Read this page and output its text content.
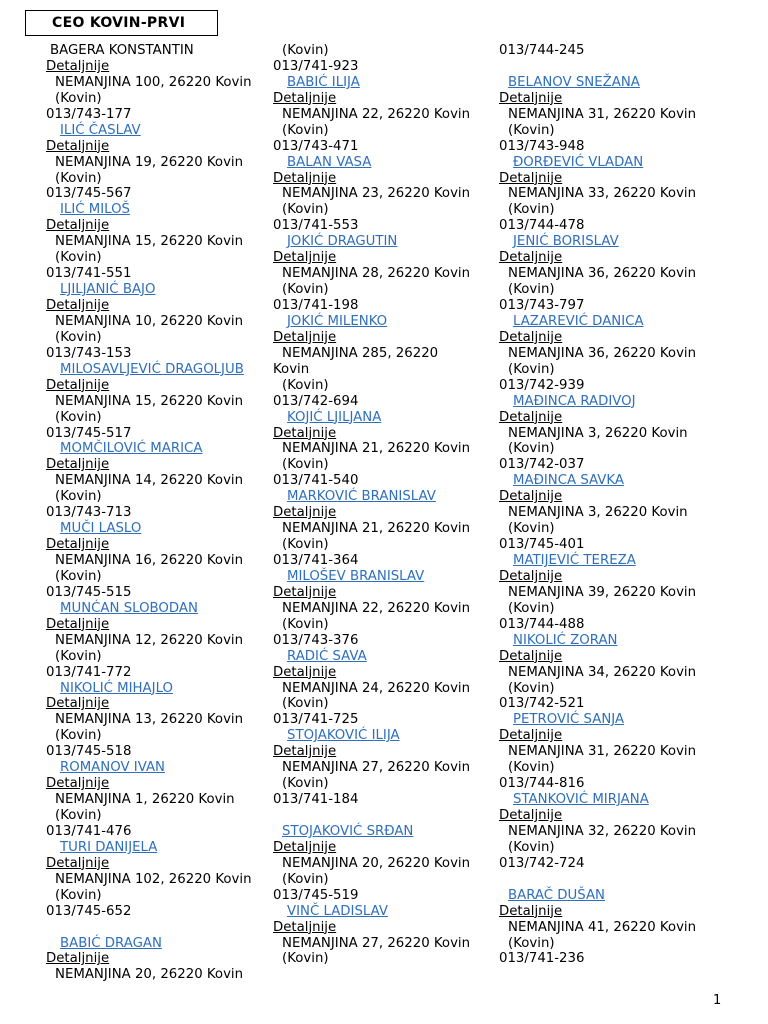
CEO KOVIN-PRVI
BAGERA KONSTANTIN
Detaljnije
NEMANJINA 100, 26220 Kovin
(Kovin)
013/743-177
ILIĆ ČASLAV
Detaljnije
NEMANJINA 19, 26220 Kovin
(Kovin)
013/745-567
ILIĆ MILOŠ
Detaljnije
NEMANJINA 15, 26220 Kovin
(Kovin)
013/741-551
LJILJANIĆ BAJO
Detaljnije
NEMANJINA 10, 26220 Kovin
(Kovin)
013/743-153
MILOSAVLJEVIĆ DRAGOLJUB
Detaljnije
NEMANJINA 15, 26220 Kovin
(Kovin)
013/745-517
MOMČILOVIĆ MARICA
Detaljnije
NEMANJINA 14, 26220 Kovin
(Kovin)
013/743-713
MUČI LASLO
Detaljnije
NEMANJINA 16, 26220 Kovin
(Kovin)
013/745-515
MUNĆAN SLOBODAN
Detaljnije
NEMANJINA 12, 26220 Kovin
(Kovin)
013/741-772
NIKOLIĆ MIHAJLO
Detaljnije
NEMANJINA 13, 26220 Kovin
(Kovin)
013/745-518
ROMANOV IVAN
Detaljnije
NEMANJINA 1, 26220 Kovin
(Kovin)
013/741-476
TURI DANIJELA
Detaljnije
NEMANJINA 102, 26220 Kovin
(Kovin)
013/745-652
BABIĆ DRAGAN
Detaljnije
NEMANJINA 20, 26220 Kovin
(Kovin)
013/741-923
BABIĆ ILIJA
Detaljnije
NEMANJINA 22, 26220 Kovin
(Kovin)
013/743-471
BALAN VASA
Detaljnije
NEMANJINA 23, 26220 Kovin
(Kovin)
013/741-553
JOKIĆ DRAGUTIN
Detaljnije
NEMANJINA 28, 26220 Kovin
(Kovin)
013/741-198
JOKIĆ MILENKO
Detaljnije
NEMANJINA 285, 26220
Kovin
(Kovin)
013/742-694
KOJIĆ LJILJANA
Detaljnije
NEMANJINA 21, 26220 Kovin
(Kovin)
013/741-540
MARKOVIĆ BRANISLAV
Detaljnije
NEMANJINA 21, 26220 Kovin
(Kovin)
013/741-364
MILOŠEV BRANISLAV
Detaljnije
NEMANJINA 22, 26220 Kovin
(Kovin)
013/743-376
RADIĆ SAVA
Detaljnije
NEMANJINA 24, 26220 Kovin
(Kovin)
013/741-725
STOJAKOVIĆ ILIJA
Detaljnije
NEMANJINA 27, 26220 Kovin
(Kovin)
013/741-184
STOJAKOVIĆ SRĐAN
Detaljnije
NEMANJINA 20, 26220 Kovin
(Kovin)
013/745-519
VINČ LADISLAV
Detaljnije
NEMANJINA 27, 26220 Kovin
(Kovin)
013/744-245
BELANOV SNEŽANA
Detaljnije
NEMANJINA 31, 26220 Kovin
(Kovin)
013/743-948
ĐORĐEVIĆ VLADAN
Detaljnije
NEMANJINA 33, 26220 Kovin
(Kovin)
013/744-478
JENIĆ BORISLAV
Detaljnije
NEMANJINA 36, 26220 Kovin
(Kovin)
013/743-797
LAZAREVIĆ DANICA
Detaljnije
NEMANJINA 36, 26220 Kovin
(Kovin)
013/742-939
MAĐINCA RADIVOJ
Detaljnije
NEMANJINA 3, 26220 Kovin
(Kovin)
013/742-037
MAĐINCA SAVKA
Detaljnije
NEMANJINA 3, 26220 Kovin
(Kovin)
013/745-401
MATIJEVIĆ TEREZA
Detaljnije
NEMANJINA 39, 26220 Kovin
(Kovin)
013/744-488
NIKOLIĆ ZORAN
Detaljnije
NEMANJINA 34, 26220 Kovin
(Kovin)
013/742-521
PETROVIĆ SANJA
Detaljnije
NEMANJINA 31, 26220 Kovin
(Kovin)
013/744-816
STANKOVIĆ MIRJANA
Detaljnije
NEMANJINA 32, 26220 Kovin
(Kovin)
013/742-724
BARAČ DUŠAN
Detaljnije
NEMANJINA 41, 26220 Kovin
(Kovin)
013/741-236
1
